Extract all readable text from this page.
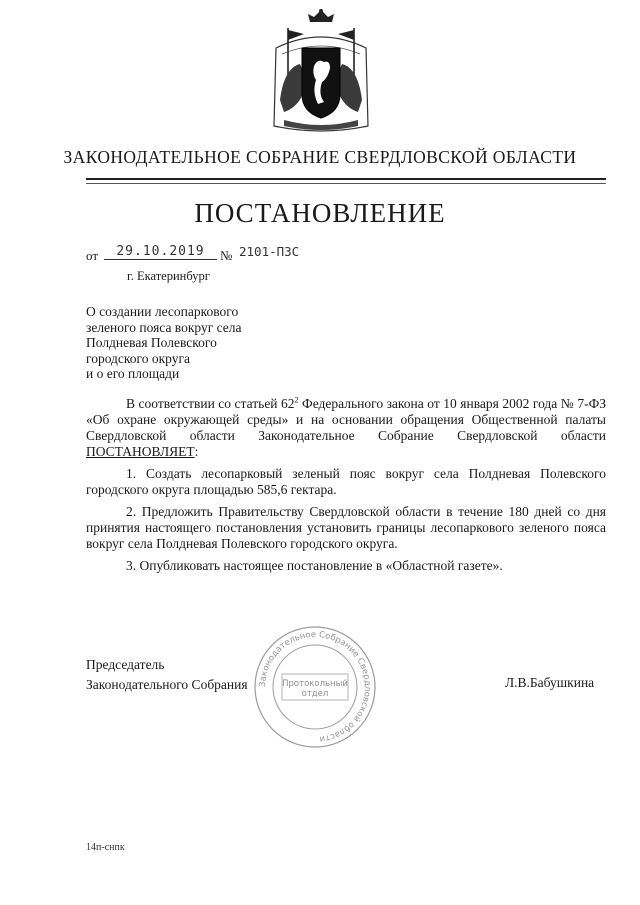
ЗАКОНОДАТЕЛЬНОЕ СОБРАНИЕ СВЕРДЛОВСКОЙ ОБЛАСТИ
ПОСТАНОВЛЕНИЕ
от	29.10.2019	№ 2101-ПЗС
г. Екатеринбург
О создании лесопаркового
зеленого пояса вокруг села
Полдневая Полевского
городского округа
и о его площади

В соответствии со статьей $62^2$ Федерального закона от 10 января 2002 года № 7-ФЗ «Об охране окружающей среды» и на основании обращения Общественной палаты Свердловской области Законодательное Собрание Свердловской области ПОСТАНОВЛЯЕТ:

1. Создать лесопарковый зеленый пояс вокруг села Полдневая Полевского городского округа площадью 585,6 гектара.

2. Предложить Правительству Свердловской области в течение 180 дней со дня принятия настоящего постановления установить границы лесопаркового зеленого пояса вокруг села Полдневая Полевского городского округа.

3. Опубликовать настоящее постановление в «Областной газете».

Председатель
Законодательного Собрания	Л.В.Бабушкина
Законодательное Собрание Свердловской области
Протокольный
отдел
14п-снпк
